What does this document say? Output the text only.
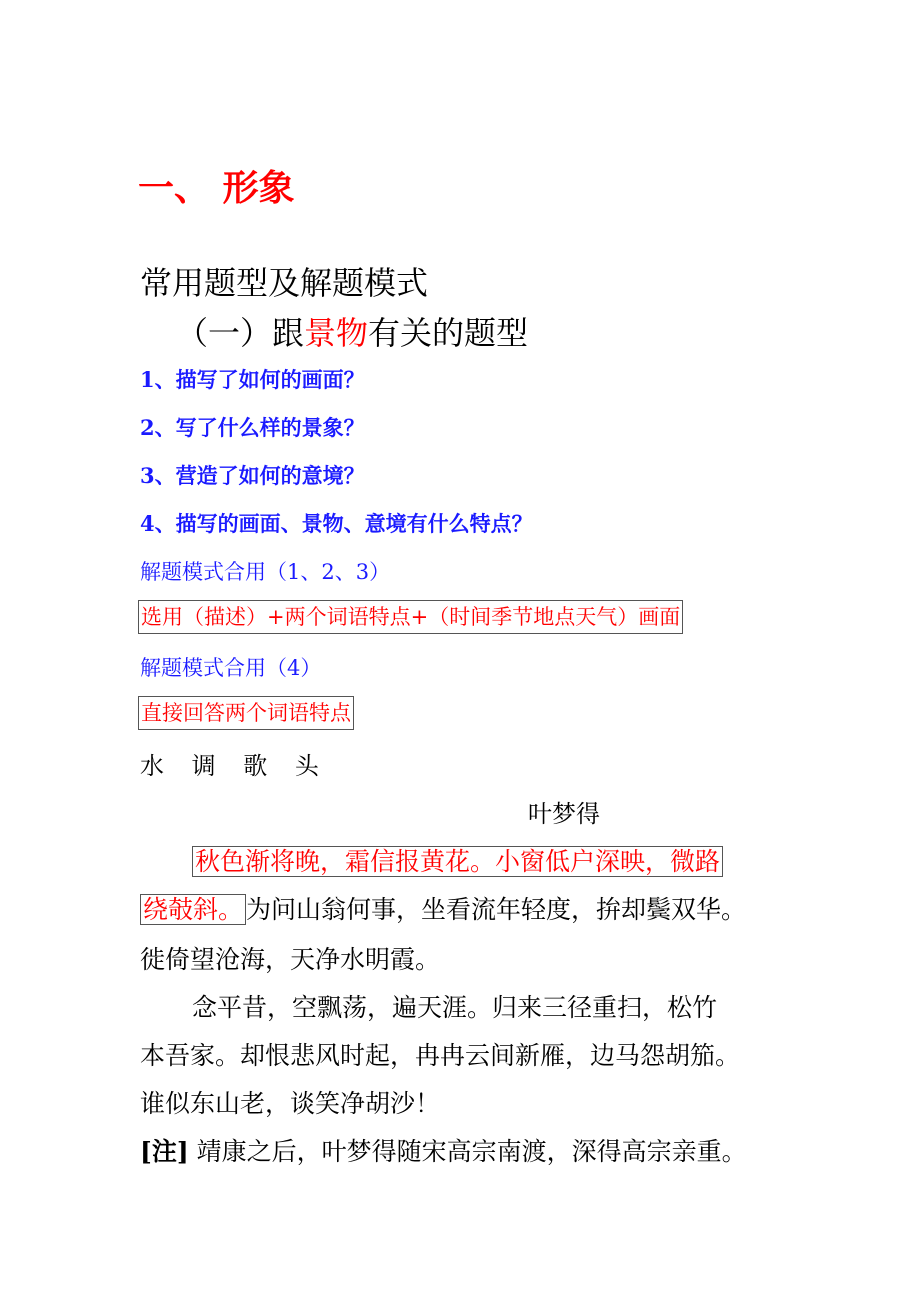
一、 形象
常用题型及解题模式
（一）跟景物有关的题型
1、描写了如何的画面？
2、写了什么样的景象？
3、营造了如何的意境？
4、描写的画面、景物、意境有什么特点？
解题模式合用（1、2、3）
选用（描述）+两个词语特点+（时间季节地点天气）画面
解题模式合用（4）
直接回答两个词语特点
水 调 歌 头
叶梦得
秋色渐将晚，霜信报黄花。小窗低户深映，微路
绕攲斜。 为问山翁何事，坐看流年轻度，拚却鬓双华。
徙倚望沧海，天净水明霞。
念平昔，空飘荡，遍天涯。归来三径重扫，松竹
本吾家。却恨悲风时起，冉冉云间新雁，边马怨胡笳。
谁似东山老，谈笑净胡沙！
[注] 靖康之后，叶梦得随宋高宗南渡，深得高宗亲重。
